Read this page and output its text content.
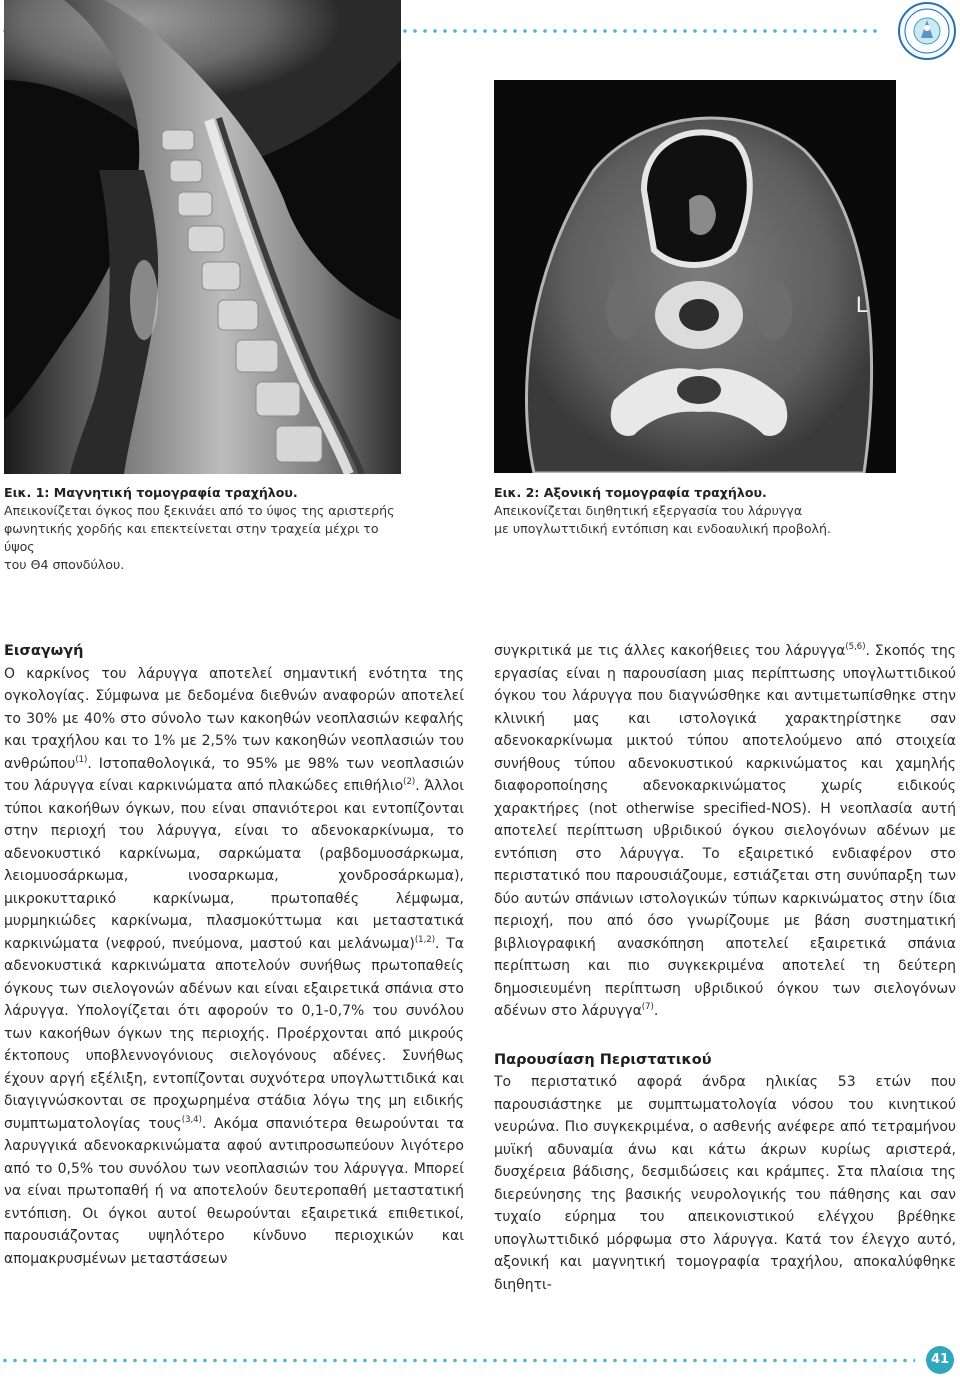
Εικ. 1: Μαγνητική τομογραφία τραχήλου.
Απεικονίζεται όγκος που ξεκινάει από το ύψος της αριστερής
φωνητικής χορδής και επεκτείνεται στην τραχεία μέχρι το ύψος
του Θ4 σπονδύλου.
L
Εικ. 2: Αξονική τομογραφία τραχήλου.
Απεικονίζεται διηθητική εξεργασία του λάρυγγα
με υπογλωττιδική εντόπιση και ενδοαυλική προβολή.
Εισαγωγή

Ο καρκίνος του λάρυγγα αποτελεί σημαντική ενότητα της ογκολογίας. Σύμφωνα με δεδομένα διεθνών αναφορών αποτελεί το 30% με 40% στο σύνολο των κακοηθών νεοπλασιών κεφαλής και τραχήλου και το 1% με 2,5% των κακοηθών νεοπλασιών του ανθρώπου$^{(1)}$. Ιστοπαθολογικά, το 95% με 98% των νεοπλασιών του λάρυγγα είναι καρκινώματα από πλακώδες επιθήλιο$^{(2)}$. Άλλοι τύποι κακοήθων όγκων, που είναι σπανιότεροι και εντοπίζονται στην περιοχή του λάρυγγα, είναι το αδενοκαρκίνωμα, το αδενοκυστικό καρκίνωμα, σαρκώματα (ραβδομυοσάρκωμα, λειομυοσάρκωμα, ινοσαρκωμα, χονδροσάρκωμα), μικροκυτταρικό καρκίνωμα, πρωτοπαθές λέμφωμα, μυρμηκιώδες καρκίνωμα, πλασμοκύττωμα και μεταστατικά καρκινώματα (νεφρού, πνεύμονα, μαστού και μελάνωμα)$^{(1,2)}$. Τα αδενοκυστικά καρκινώματα αποτελούν συνήθως πρωτοπαθείς όγκους των σιελογονών αδένων και είναι εξαιρετικά σπάνια στο λάρυγγα. Υπολογίζεται ότι αφορούν το 0,1-0,7% του συνόλου των κακοήθων όγκων της περιοχής. Προέρχονται από μικρούς έκτοπους υποβλεννογόνιους σιελογόνους αδένες. Συνήθως έχουν αργή εξέλιξη, εντοπίζονται συχνότερα υπογλωττιδικά και διαγιγνώσκονται σε προχωρημένα στάδια λόγω της μη ειδικής συμπτωματολογίας τους$^{(3,4)}$. Ακόμα σπανιότερα θεωρούνται τα λαρυγγικά αδενοκαρκινώματα αφού αντιπροσωπεύουν λιγότερο από το 0,5% του συνόλου των νεοπλασιών του λάρυγγα. Μπορεί να είναι πρωτοπαθή ή να αποτελούν δευτεροπαθή μεταστατική εντόπιση. Οι όγκοι αυτοί θεωρούνται εξαιρετικά επιθετικοί, παρουσιάζοντας υψηλότερο κίνδυνο περιοχικών και απομακρυσμένων μεταστάσεων

συγκριτικά με τις άλλες κακοήθειες του λάρυγγα$^{(5,6)}$. Σκοπός της εργασίας είναι η παρουσίαση μιας περίπτωσης υπογλωττιδικού όγκου του λάρυγγα που διαγνώσθηκε και αντιμετωπίσθηκε στην κλινική μας και ιστολογικά χαρακτηρίστηκε σαν αδενοκαρκίνωμα μικτού τύπου αποτελούμενο από στοιχεία συνήθους τύπου αδενοκυστικού καρκινώματος και χαμηλής διαφοροποίησης αδενοκαρκινώματος χωρίς ειδικούς χαρακτήρες (not otherwise specified-NOS). Η νεοπλασία αυτή αποτελεί περίπτωση υβριδικού όγκου σιελογόνων αδένων με εντόπιση στο λάρυγγα. Το εξαιρετικό ενδιαφέρον στο περιστατικό που παρουσιάζουμε, εστιάζεται στη συνύπαρξη των δύο αυτών σπάνιων ιστολογικών τύπων καρκινώματος στην ίδια περιοχή, που από όσο γνωρίζουμε με βάση συστηματική βιβλιογραφική ανασκόπηση αποτελεί εξαιρετικά σπάνια περίπτωση και πιο συγκεκριμένα αποτελεί τη δεύτερη δημοσιευμένη περίπτωση υβριδικού όγκου των σιελογόνων αδένων στο λάρυγγα$^{(7)}$.

Παρουσίαση Περιστατικού

Το περιστατικό αφορά άνδρα ηλικίας 53 ετών που παρουσιάστηκε με συμπτωματολογία νόσου του κινητικού νευρώνα. Πιο συγκεκριμένα, ο ασθενής ανέφερε από τετραμήνου μυϊκή αδυναμία άνω και κάτω άκρων κυρίως αριστερά, δυσχέρεια βάδισης, δεσμιδώσεις και κράμπες. Στα πλαίσια της διερεύνησης της βασικής νευρολογικής του πάθησης και σαν τυχαίο εύρημα του απεικονιστικού ελέγχου βρέθηκε υπογλωττιδικό μόρφωμα στο λάρυγγα. Κατά τον έλεγχο αυτό, αξονική και μαγνητική τομογραφία τραχήλου, αποκαλύφθηκε διηθητι-

41
